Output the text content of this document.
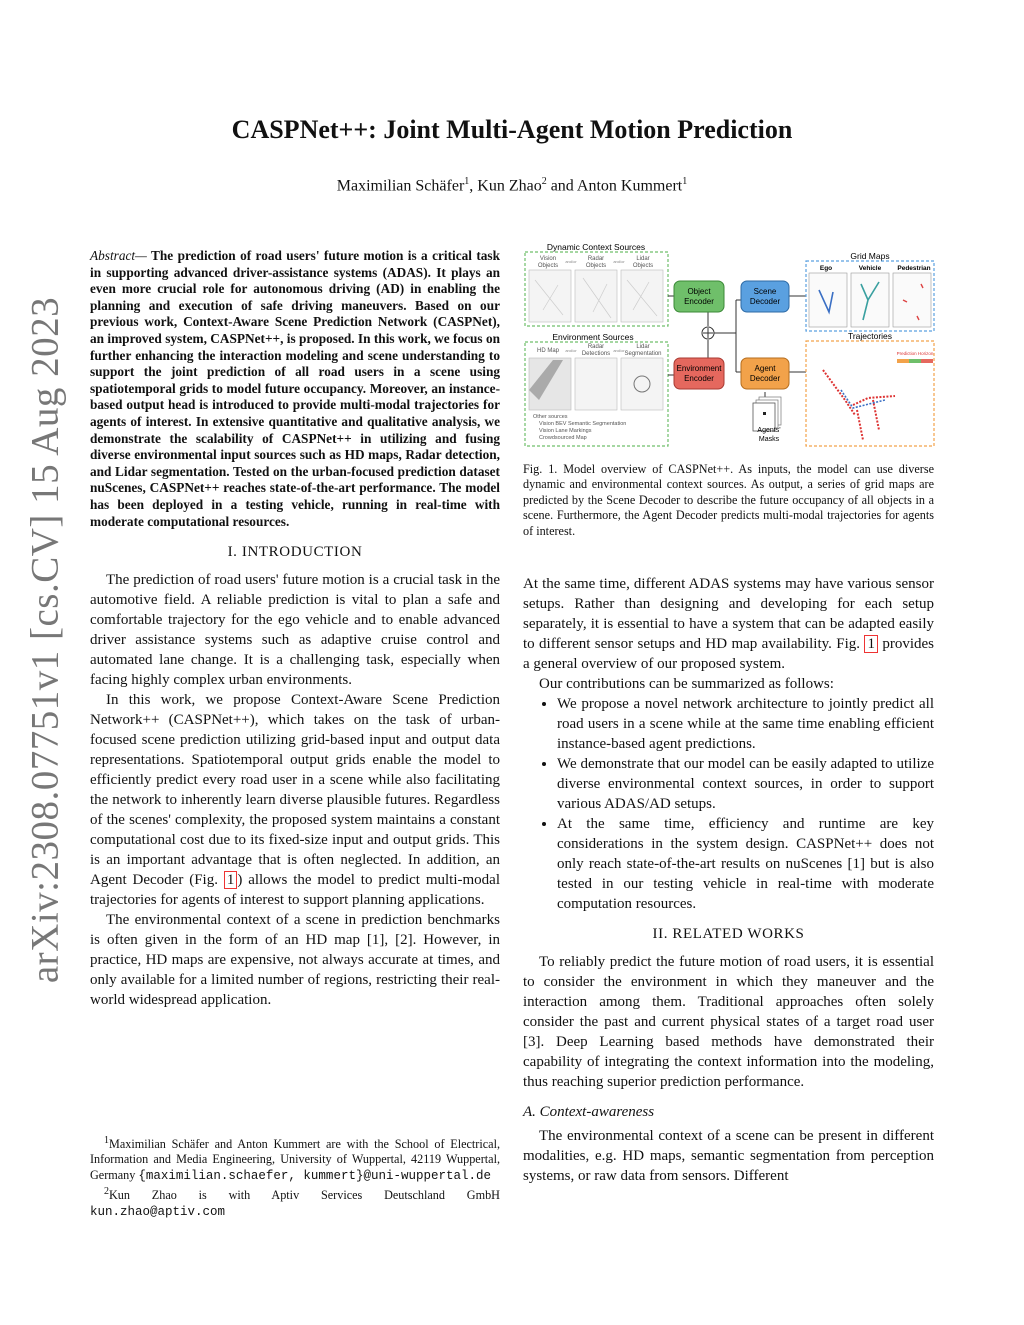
arXiv:2308.07751v1 [cs.CV] 15 Aug 2023
CASPNet++: Joint Multi-Agent Motion Prediction
Maximilian Schäfer$^1$, Kun Zhao$^2$ and Anton Kummert$^1$

Abstract— The prediction of road users' future motion is a critical task in supporting advanced driver-assistance systems (ADAS). It plays an even more crucial role for autonomous driving (AD) in enabling the planning and execution of safe driving maneuvers. Based on our previous work, Context-Aware Scene Prediction Network (CASPNet), an improved system, CASPNet++, is proposed. In this work, we focus on further enhancing the interaction modeling and scene understanding to support the joint prediction of all road users in a scene using spatiotemporal grids to model future occupancy. Moreover, an instance-based output head is introduced to provide multi-modal trajectories for agents of interest. In extensive quantitative and qualitative analysis, we demonstrate the scalability of CASPNet++ in utilizing and fusing diverse environmental input sources such as HD maps, Radar detection, and Lidar segmentation. Tested on the urban-focused prediction dataset nuScenes, CASPNet++ reaches state-of-the-art performance. The model has been deployed in a testing vehicle, running in real-time with moderate computational resources.

I. INTRODUCTION

The prediction of road users' future motion is a crucial task in the automotive field. A reliable prediction is vital to plan a safe and comfortable trajectory for the ego vehicle and to enable advanced driver assistance systems such as adaptive cruise control and automated lane change. It is a challenging task, especially when facing highly complex urban environments.

In this work, we propose Context-Aware Scene Prediction Network++ (CASPNet++), which takes on the task of urban-focused scene prediction utilizing grid-based input and output data representations. Spatiotemporal output grids enable the model to efficiently predict every road user in a scene while also facilitating the network to inherently learn diverse plausible futures. Regardless of the scenes' complexity, the proposed system maintains a constant computational cost due to its fixed-size input and output grids. This is an important advantage that is often neglected. In addition, an Agent Decoder (Fig. 1 ) allows the model to predict multi-modal trajectories for agents of interest to support planning applications.

The environmental context of a scene in prediction benchmarks is often given in the form of an HD map [1], [2]. However, in practice, HD maps are expensive, not always accurate at times, and only available for a limited number of regions, restricting their real-world widespread application.

$^1$Maximilian Schäfer and Anton Kummert are with the School of Electrical, Information and Media Engineering, University of Wuppertal, 42119 Wuppertal, Germany {maximilian.schaefer, kummert}@uni-wuppertal.de

$^2$Kun Zhao is with Aptiv Services Deutschland GmbH kun.zhao@aptiv.com

Dynamic Context Sources
Vision
Objects
and/or Radar
Objects
and/or Lidar
Objects
Environment Sources
HD Map and/or
Radar
Detections
and/or
Lidar
Segmentation
Other sources
Vision BEV Semantic Segmentation
Vision Lane Markings
Crowdsourced Map
Object
Encoder
Environment
Encoder
Scene
Decoder
Agent
Decoder
Agents'
Masks
Grid Maps
Ego	Vehicle Pedestrian
Trajectories
Prediction Horizon
Fig. 1. Model overview of CASPNet++. As inputs, the model can use diverse dynamic and environmental context sources. As output, a series of grid maps are predicted by the Scene Decoder to describe the future occupancy of all objects in a scene. Furthermore, the Agent Decoder predicts multi-modal trajectories for agents of interest.

At the same time, different ADAS systems may have various sensor setups. Rather than designing and developing for each setup separately, it is essential to have a system that can be adapted easily to different sensor setups and HD map availability. Fig. 1 provides a general overview of our proposed system.

Our contributions can be summarized as follows:

• We propose a novel network architecture to jointly predict all road users in a scene while at the same time enabling efficient instance-based agent predictions.
• We demonstrate that our model can be easily adapted to utilize diverse environmental context sources, in order to support various ADAS/AD setups.
• At the same time, efficiency and runtime are key considerations in the system design. CASPNet++ does not only reach state-of-the-art results on nuScenes [1] but is also tested in our testing vehicle in real-time with moderate computation resources.
II. RELATED WORKS

To reliably predict the future motion of road users, it is essential to consider the environment in which they maneuver and the interaction among them. Traditional approaches often solely consider the past and current physical states of a target road user [3]. Deep Learning based methods have demonstrated their capability of integrating the context information into the modeling, thus reaching superior prediction performance.

A. Context-awareness

The environmental context of a scene can be present in different modalities, e.g. HD maps, semantic segmentation from perception systems, or raw data from sensors. Different
